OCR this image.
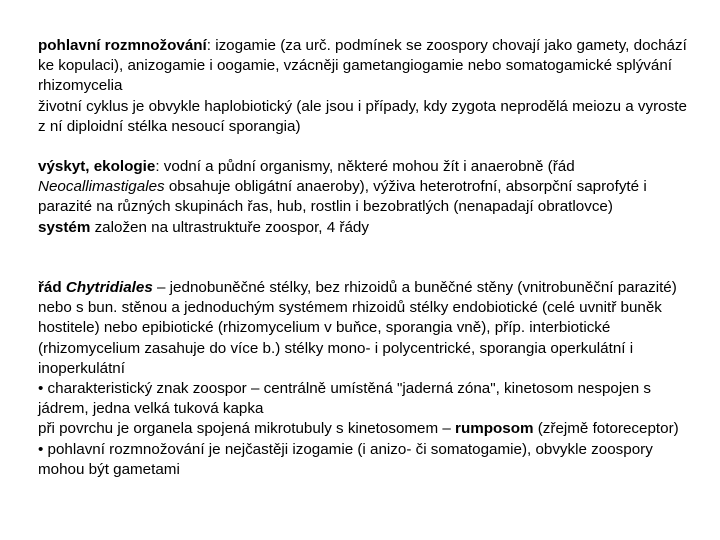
pohlavní rozmnožování: izogamie (za urč. podmínek se zoospory chovají jako gamety, dochází ke kopulaci), anizogamie i oogamie, vzácněji gametangiogamie nebo somatogamické splývání rhizomycelia

životní cyklus je obvykle haplobiotický (ale jsou i případy, kdy zygota neprodělá meiozu a vyroste z ní diploidní stélka nesoucí sporangia)

výskyt, ekologie: vodní a půdní organismy, některé mohou žít i anaerobně (řád Neocallimastigales obsahuje obligátní anaeroby), výživa heterotrofní, absorpční saprofyté i parazité na různých skupinách řas, hub, rostlin i bezobratlých (nenapadají obratlovce)

systém založen na ultrastruktuře zoospor, 4 řády

řád Chytridiales – jednobuněčné stélky, bez rhizoidů a buněčné stěny (vnitrobuněční parazité) nebo s bun. stěnou a jednoduchým systémem rhizoidů stélky endobiotické (celé uvnitř buněk hostitele) nebo epibiotické (rhizomycelium v buňce, sporangia vně), příp. interbiotické (rhizomycelium zasahuje do více b.) stélky mono- i polycentrické, sporangia operkulátní i inoperkulátní

• charakteristický znak zoospor – centrálně umístěná "jaderná zóna", kinetosom nespojen s jádrem, jedna velká tuková kapka

při povrchu je organela spojená mikrotubuly s kinetosomem – rumposom (zřejmě fotoreceptor)

• pohlavní rozmnožování je nejčastěji izogamie (i anizo- či somatogamie), obvykle zoospory mohou být gametami
